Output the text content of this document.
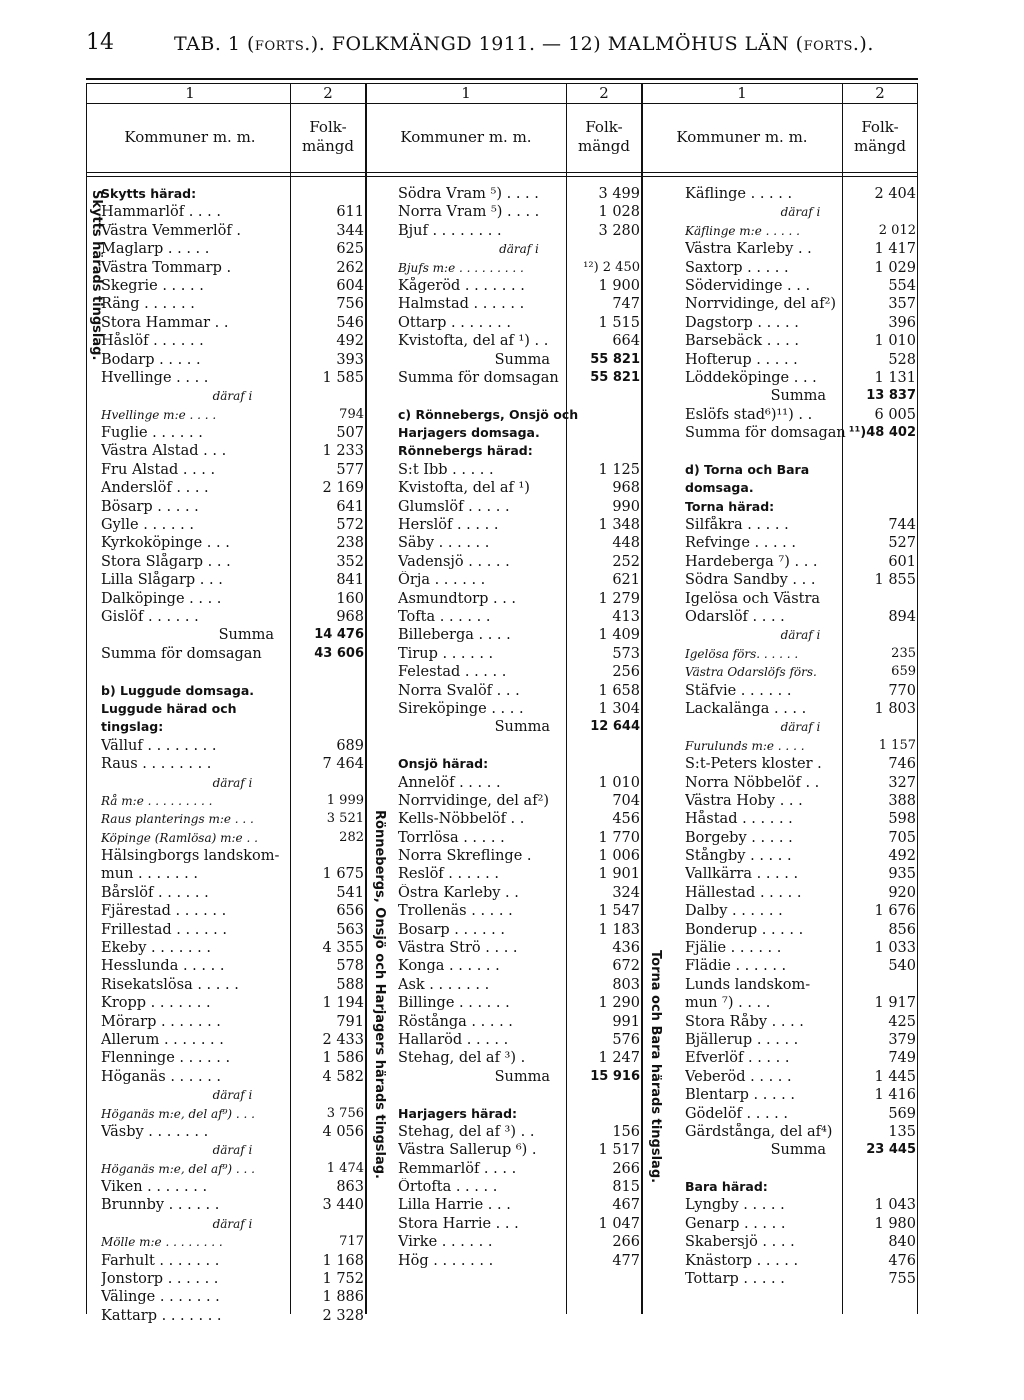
14	TAB. 1 (forts.). FOLKMÄNGD 1911. — 12) MALMÖHUS LÄN (forts.).
1	2	1	2	1	2
Kommuner m. m.
Folk-
mängd	Kommuner m. m.
Folk-
mängd	Kommuner m. m.
Folk-
mängd
Skytts härads tingslag.
Rönnebergs, Onsjö och Harjagers härads tingslag.	Torna och Bara härads tingslag.
Skytts härad:
Hammarlöf . . . .	611
Västra Vemmerlöf .	344
Maglarp . . . . .	625
Västra Tommarp .	262
Skegrie . . . . .	604
Räng . . . . . .	756
Stora Hammar . .	546
Håslöf . . . . . .	492
Bodarp . . . . .	393
Hvellinge . . . .	1 585
däraf i
Hvellinge m:e . . . .	794
Fuglie . . . . . .	507
Västra Alstad . . .	1 233
Fru Alstad . . . .	577
Anderslöf . . . .	2 169
Bösarp . . . . .	641
Gylle . . . . . .	572
Kyrkoköpinge . . .	238
Stora Slågarp . . .	352
Lilla Slågarp . . .	841
Dalköpinge . . . .	160
Gislöf . . . . . .	968
Summa	14 476
Summa för domsagan	43 606
b) Luggude domsaga.
Luggude härad och
tingslag:
Välluf . . . . . . . .	689
Raus . . . . . . . .	7 464
däraf i
Rå m:e . . . . . . . . .	1 999
Raus planterings m:e . . .	3 521
Köpinge (Ramlösa) m:e . .	282
Hälsingborgs landskom-
mun . . . . . . .	1 675
Bårslöf . . . . . .	541
Fjärestad . . . . . .	656
Frillestad . . . . . .	563
Ekeby . . . . . . .	4 355
Hesslunda . . . . .	578
Risekatslösa . . . . .	588
Kropp . . . . . . .	1 194
Mörarp . . . . . . .	791
Allerum . . . . . . .	2 433
Flenninge . . . . . .	1 586
Höganäs . . . . . .	4 582
däraf i
Höganäs m:e, del af⁹) . . .	3 756
Väsby . . . . . . .	4 056
däraf i
Höganäs m:e, del af⁹) . . .	1 474
Viken . . . . . . .	863
Brunnby . . . . . .	3 440
däraf i
Mölle m:e . . . . . . . .	717
Farhult . . . . . . .	1 168
Jonstorp . . . . . .	1 752
Välinge . . . . . . .	1 886
Kattarp . . . . . . .	2 328
Södra Vram ⁵) . . . .	3 499
Norra Vram ⁵) . . . .	1 028
Bjuf . . . . . . . .	3 280
däraf i
Bjufs m:e . . . . . . . . .	¹²) 2 450
Kågeröd . . . . . . .	1 900
Halmstad . . . . . .	747
Ottarp . . . . . . .	1 515
Kvistofta, del af ¹) . .	664
Summa	55 821
Summa för domsagan 55 821
c) Rönnebergs, Onsjö och
Harjagers domsaga.
Rönnebergs härad:
S:t Ibb . . . . .	1 125
Kvistofta, del af ¹)	968
Glumslöf . . . . .	990
Herslöf . . . . .	1 348
Säby . . . . . .	448
Vadensjö . . . . .	252
Örja . . . . . .	621
Asmundtorp . . .	1 279
Tofta . . . . . .	413
Billeberga . . . .	1 409
Tirup . . . . . .	573
Felestad . . . . .	256
Norra Svalöf . . .	1 658
Sireköpinge . . . .	1 304
Summa	12 644
Onsjö härad:
Annelöf . . . . .	1 010
Norrvidinge, del af²)	704
Kells-Nöbbelöf . .	456
Torrlösa . . . . .	1 770
Norra Skreflinge .	1 006
Reslöf . . . . . .	1 901
Östra Karleby . .	324
Trollenäs . . . . .	1 547
Bosarp . . . . . .	1 183
Västra Strö . . . .	436
Konga . . . . . .	672
Ask . . . . . . .	803
Billinge . . . . . .	1 290
Röstånga . . . . .	991
Hallaröd . . . . .	576
Stehag, del af ³) .	1 247
Summa	15 916
Harjagers härad:
Stehag, del af ³) . .	156
Västra Sallerup ⁶) .	1 517
Remmarlöf . . . .	266
Örtofta . . . . .	815
Lilla Harrie . . .	467
Stora Harrie . . .	1 047
Virke . . . . . .	266
Hög . . . . . . .	477
Käflinge . . . . .	2 404
däraf i
Käflinge m:e . . . . .	2 012
Västra Karleby . .	1 417
Saxtorp . . . . .	1 029
Södervidinge . . .	554
Norrvidinge, del af²)	357
Dagstorp . . . . .	396
Barsebäck . . . .	1 010
Hofterup . . . . .	528
Löddeköpinge . . .	1 131
Summa	13 837
Eslöfs stad⁶)¹¹) . .	6 005
Summa för domsagan ¹¹)48 402
d) Torna och Bara
domsaga.
Torna härad:
Silfåkra . . . . .	744
Refvinge . . . . .	527
Hardeberga ⁷) . . .	601
Södra Sandby . . .	1 855
Igelösa och Västra
Odarslöf . . . .	894
däraf i
Igelösa förs. . . . . .	235
Västra Odarslöfs förs.	659
Stäfvie . . . . . .	770
Lackalänga . . . .	1 803
däraf i
Furulunds m:e . . . .	1 157
S:t-Peters kloster .	746
Norra Nöbbelöf . .	327
Västra Hoby . . .	388
Håstad . . . . . .	598
Borgeby . . . . .	705
Stångby . . . . .	492
Vallkärra . . . . .	935
Hällestad . . . . .	920
Dalby . . . . . .	1 676
Bonderup . . . . .	856
Fjälie . . . . . .	1 033
Flädie . . . . . .	540
Lunds landskom-
mun ⁷) . . . .	1 917
Stora Råby . . . .	425
Bjällerup . . . . .	379
Efverlöf . . . . .	749
Veberöd . . . . .	1 445
Blentarp . . . . .	1 416
Gödelöf . . . . .	569
Gärdstånga, del af⁴)	135
Summa	23 445
Bara härad:
Lyngby . . . . .	1 043
Genarp . . . . .	1 980
Skabersjö . . . .	840
Knästorp . . . . .	476
Tottarp . . . . .	755
